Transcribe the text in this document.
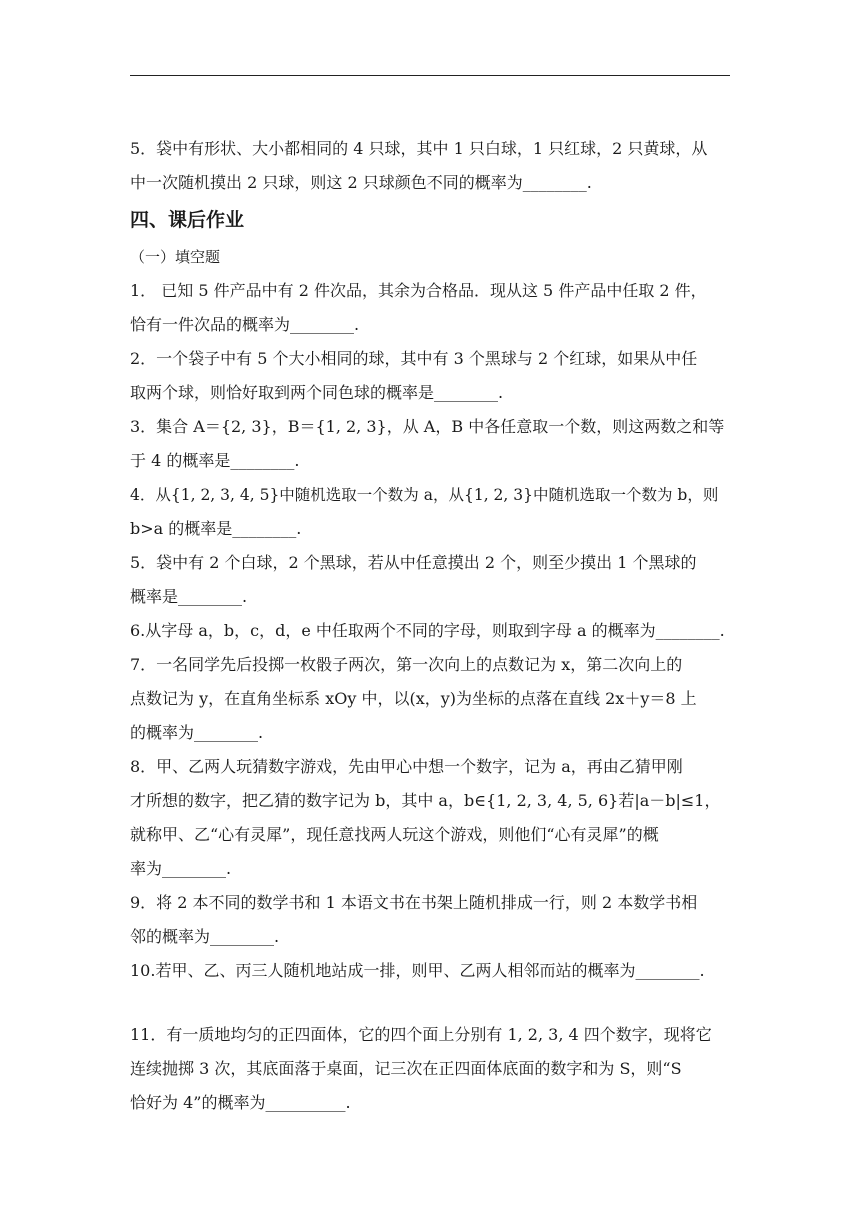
5．袋中有形状、大小都相同的 4 只球，其中 1 只白球，1 只红球，2 只黄球，从
中一次随机摸出 2 只球，则这 2 只球颜色不同的概率为________.
四、课后作业
（一）填空题
1． 已知 5 件产品中有 2 件次品，其余为合格品．现从这 5 件产品中任取 2 件，
恰有一件次品的概率为________.
2．一个袋子中有 5 个大小相同的球，其中有 3 个黑球与 2 个红球，如果从中任
取两个球，则恰好取到两个同色球的概率是________.
3．集合 A＝{2, 3}，B＝{1, 2, 3}，从 A，B 中各任意取一个数，则这两数之和等
于 4 的概率是________.
4．从{1, 2, 3, 4, 5}中随机选取一个数为 a，从{1, 2, 3}中随机选取一个数为 b，则
b>a 的概率是________.
5．袋中有 2 个白球，2 个黑球，若从中任意摸出 2 个，则至少摸出 1 个黑球的
概率是________.
6.从字母 a，b，c，d，e 中任取两个不同的字母，则取到字母 a 的概率为________.
7．一名同学先后投掷一枚骰子两次，第一次向上的点数记为 x，第二次向上的
点数记为 y，在直角坐标系 xOy 中，以(x，y)为坐标的点落在直线 2x＋y＝8 上
的概率为________.
8．甲、乙两人玩猜数字游戏，先由甲心中想一个数字，记为 a，再由乙猜甲刚
才所想的数字，把乙猜的数字记为 b，其中 a，b∈{1, 2, 3, 4, 5, 6}若|a－b|≤1，
就称甲、乙“心有灵犀”，现任意找两人玩这个游戏，则他们“心有灵犀”的概
率为________.
9．将 2 本不同的数学书和 1 本语文书在书架上随机排成一行，则 2 本数学书相
邻的概率为________.
10.若甲、乙、丙三人随机地站成一排，则甲、乙两人相邻而站的概率为________.
11．有一质地均匀的正四面体，它的四个面上分别有 1, 2, 3, 4 四个数字，现将它
连续抛掷 3 次，其底面落于桌面，记三次在正四面体底面的数字和为 S，则“S
恰好为 4”的概率为__________.
